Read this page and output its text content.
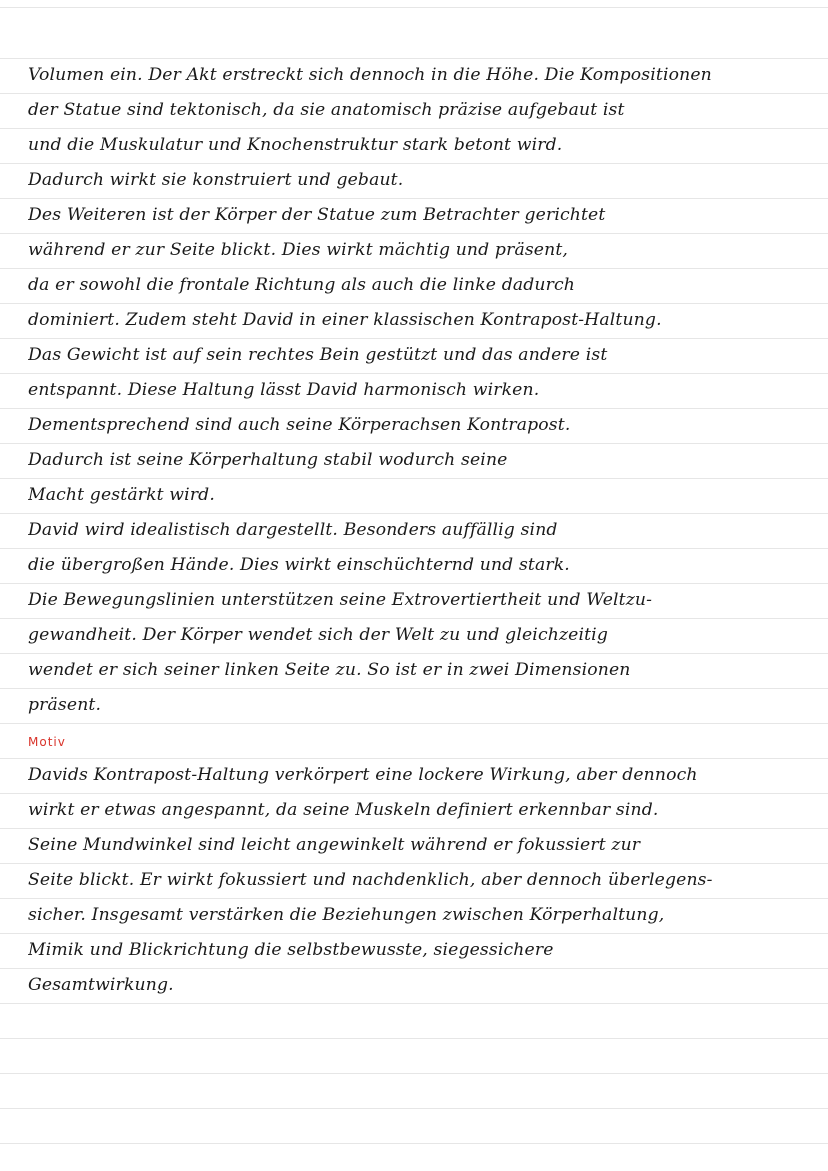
Volumen ein. Der Akt erstreckt sich dennoch in die Höhe. Die Kompositionen
der Statue sind tektonisch, da sie anatomisch präzise aufgebaut ist
und die Muskulatur und Knochenstruktur stark betont wird.
Dadurch wirkt sie konstruiert und gebaut.
Des Weiteren ist der Körper der Statue zum Betrachter gerichtet
während er zur Seite blickt. Dies wirkt mächtig und präsent,
da er sowohl die frontale Richtung als auch die linke dadurch
dominiert. Zudem steht David in einer klassischen Kontrapost-Haltung.
Das Gewicht ist auf sein rechtes Bein gestützt und das andere ist
entspannt. Diese Haltung lässt David harmonisch wirken.
Dementsprechend sind auch seine Körperachsen Kontrapost.
Dadurch ist seine Körperhaltung stabil wodurch seine
Macht gestärkt wird.
David wird idealistisch dargestellt. Besonders auffällig sind
die übergroßen Hände. Dies wirkt einschüchternd und stark.
Die Bewegungslinien unterstützen seine Extrovertiertheit und Weltzu-
gewandheit. Der Körper wendet sich der Welt zu und gleichzeitig
wendet er sich seiner linken Seite zu. So ist er in zwei Dimensionen
präsent.
Motiv
Davids Kontrapost-Haltung verkörpert eine lockere Wirkung, aber dennoch
wirkt er etwas angespannt, da seine Muskeln definiert erkennbar sind.
Seine Mundwinkel sind leicht angewinkelt während er fokussiert zur
Seite blickt. Er wirkt fokussiert und nachdenklich, aber dennoch überlegens-
sicher. Insgesamt verstärken die Beziehungen zwischen Körperhaltung,
Mimik und Blickrichtung die selbstbewusste, siegessichere
Gesamtwirkung.
